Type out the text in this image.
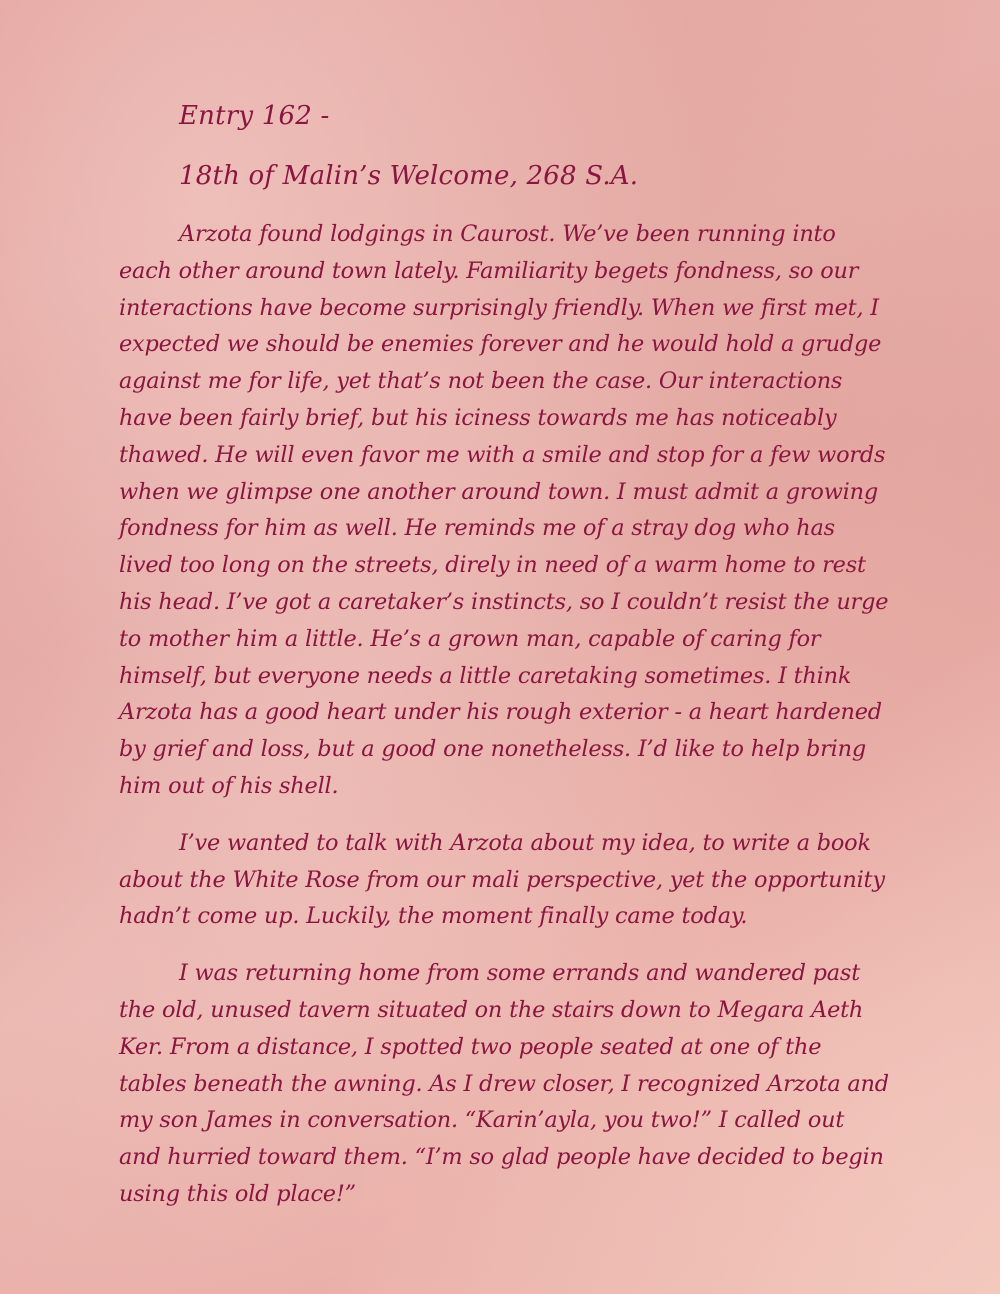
Entry 162 -
18th of Malin’s Welcome, 268 S.A.

Arzota found lodgings in Caurost. We’ve been running into each other around town lately. Familiarity begets fondness, so our interactions have become surprisingly friendly. When we first met, I expected we should be enemies forever and he would hold a grudge against me for life, yet that’s not been the case. Our interactions have been fairly brief, but his iciness towards me has noticeably thawed. He will even favor me with a smile and stop for a few words when we glimpse one another around town. I must admit a growing fondness for him as well. He reminds me of a stray dog who has lived too long on the streets, direly in need of a warm home to rest his head. I’ve got a caretaker’s instincts, so I couldn’t resist the urge to mother him a little. He’s a grown man, capable of caring for himself, but everyone needs a little caretaking sometimes. I think Arzota has a good heart under his rough exterior - a heart hardened by grief and loss, but a good one nonetheless. I’d like to help bring him out of his shell.

I’ve wanted to talk with Arzota about my idea, to write a book about the White Rose from our mali perspective, yet the opportunity hadn’t come up. Luckily, the moment finally came today.

I was returning home from some errands and wandered past the old, unused tavern situated on the stairs down to Megara Aeth Ker. From a distance, I spotted two people seated at one of the tables beneath the awning. As I drew closer, I recognized Arzota and my son James in conversation. “Karin’ayla, you two!” I called out and hurried toward them. “I’m so glad people have decided to begin using this old place!”
